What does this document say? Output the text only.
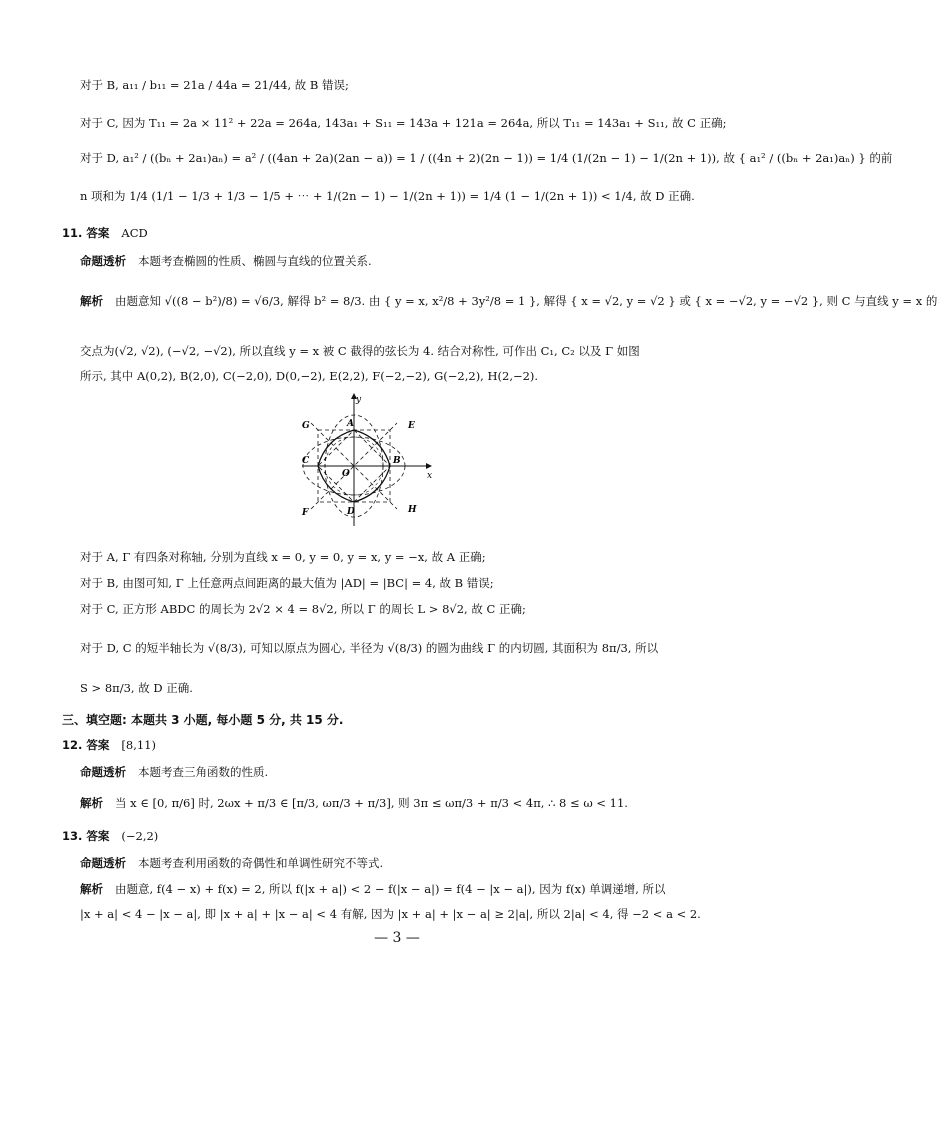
对于 B, a₁₁ / b₁₁ = 21a / 44a = 21/44, 故 B 错误;
对于 C, 因为 T₁₁ = 2a × 11² + 22a = 264a, 143a₁ + S₁₁ = 143a + 121a = 264a, 所以 T₁₁ = 143a₁ + S₁₁, 故 C 正确;
对于 D, a₁² / ((bₙ + 2a₁)aₙ) = a² / ((4an + 2a)(2an − a)) = 1 / ((4n + 2)(2n − 1)) = 1/4 (1/(2n − 1) − 1/(2n + 1)), 故 { a₁² / ((bₙ + 2a₁)aₙ) } 的前
n 项和为 1/4 (1/1 − 1/3 + 1/3 − 1/5 + ⋯ + 1/(2n − 1) − 1/(2n + 1)) = 1/4 (1 − 1/(2n + 1)) < 1/4, 故 D 正确.
11. 答案 ACD
命题透析 本题考查椭圆的性质、椭圆与直线的位置关系.
解析 由题意知 √((8 − b²)/8) = √6/3, 解得 b² = 8/3. 由 { y = x, x²/8 + 3y²/8 = 1 }, 解得 { x = √2, y = √2 } 或 { x = −√2, y = −√2 }, 则 C 与直线 y = x 的
交点为(√2, √2), (−√2, −√2), 所以直线 y = x 被 C 截得的弦长为 4. 结合对称性, 可作出 C₁, C₂ 以及 Γ 如图
所示, 其中 A(0,2), B(2,0), C(−2,0), D(0,−2), E(2,2), F(−2,−2), G(−2,2), H(2,−2).
y
x
O
A
B
C
D
E
F
G
H
对于 A, Γ 有四条对称轴, 分别为直线 x = 0, y = 0, y = x, y = −x, 故 A 正确;
对于 B, 由图可知, Γ 上任意两点间距离的最大值为 |AD| = |BC| = 4, 故 B 错误;
对于 C, 正方形 ABDC 的周长为 2√2 × 4 = 8√2, 所以 Γ 的周长 L > 8√2, 故 C 正确;
对于 D, C 的短半轴长为 √(8/3), 可知以原点为圆心, 半径为 √(8/3) 的圆为曲线 Γ 的内切圆, 其面积为 8π/3, 所以
S > 8π/3, 故 D 正确.
三、填空题: 本题共 3 小题, 每小题 5 分, 共 15 分.
12. 答案 [8,11)
命题透析 本题考查三角函数的性质.
解析 当 x ∈ [0, π/6] 时, 2ωx + π/3 ∈ [π/3, ωπ/3 + π/3], 则 3π ≤ ωπ/3 + π/3 < 4π, ∴ 8 ≤ ω < 11.
13. 答案 (−2,2)
命题透析 本题考查利用函数的奇偶性和单调性研究不等式.
解析 由题意, f(4 − x) + f(x) = 2, 所以 f(|x + a|) < 2 − f(|x − a|) = f(4 − |x − a|), 因为 f(x) 单调递增, 所以
|x + a| < 4 − |x − a|, 即 |x + a| + |x − a| < 4 有解, 因为 |x + a| + |x − a| ≥ 2|a|, 所以 2|a| < 4, 得 −2 < a < 2.
— 3 —
